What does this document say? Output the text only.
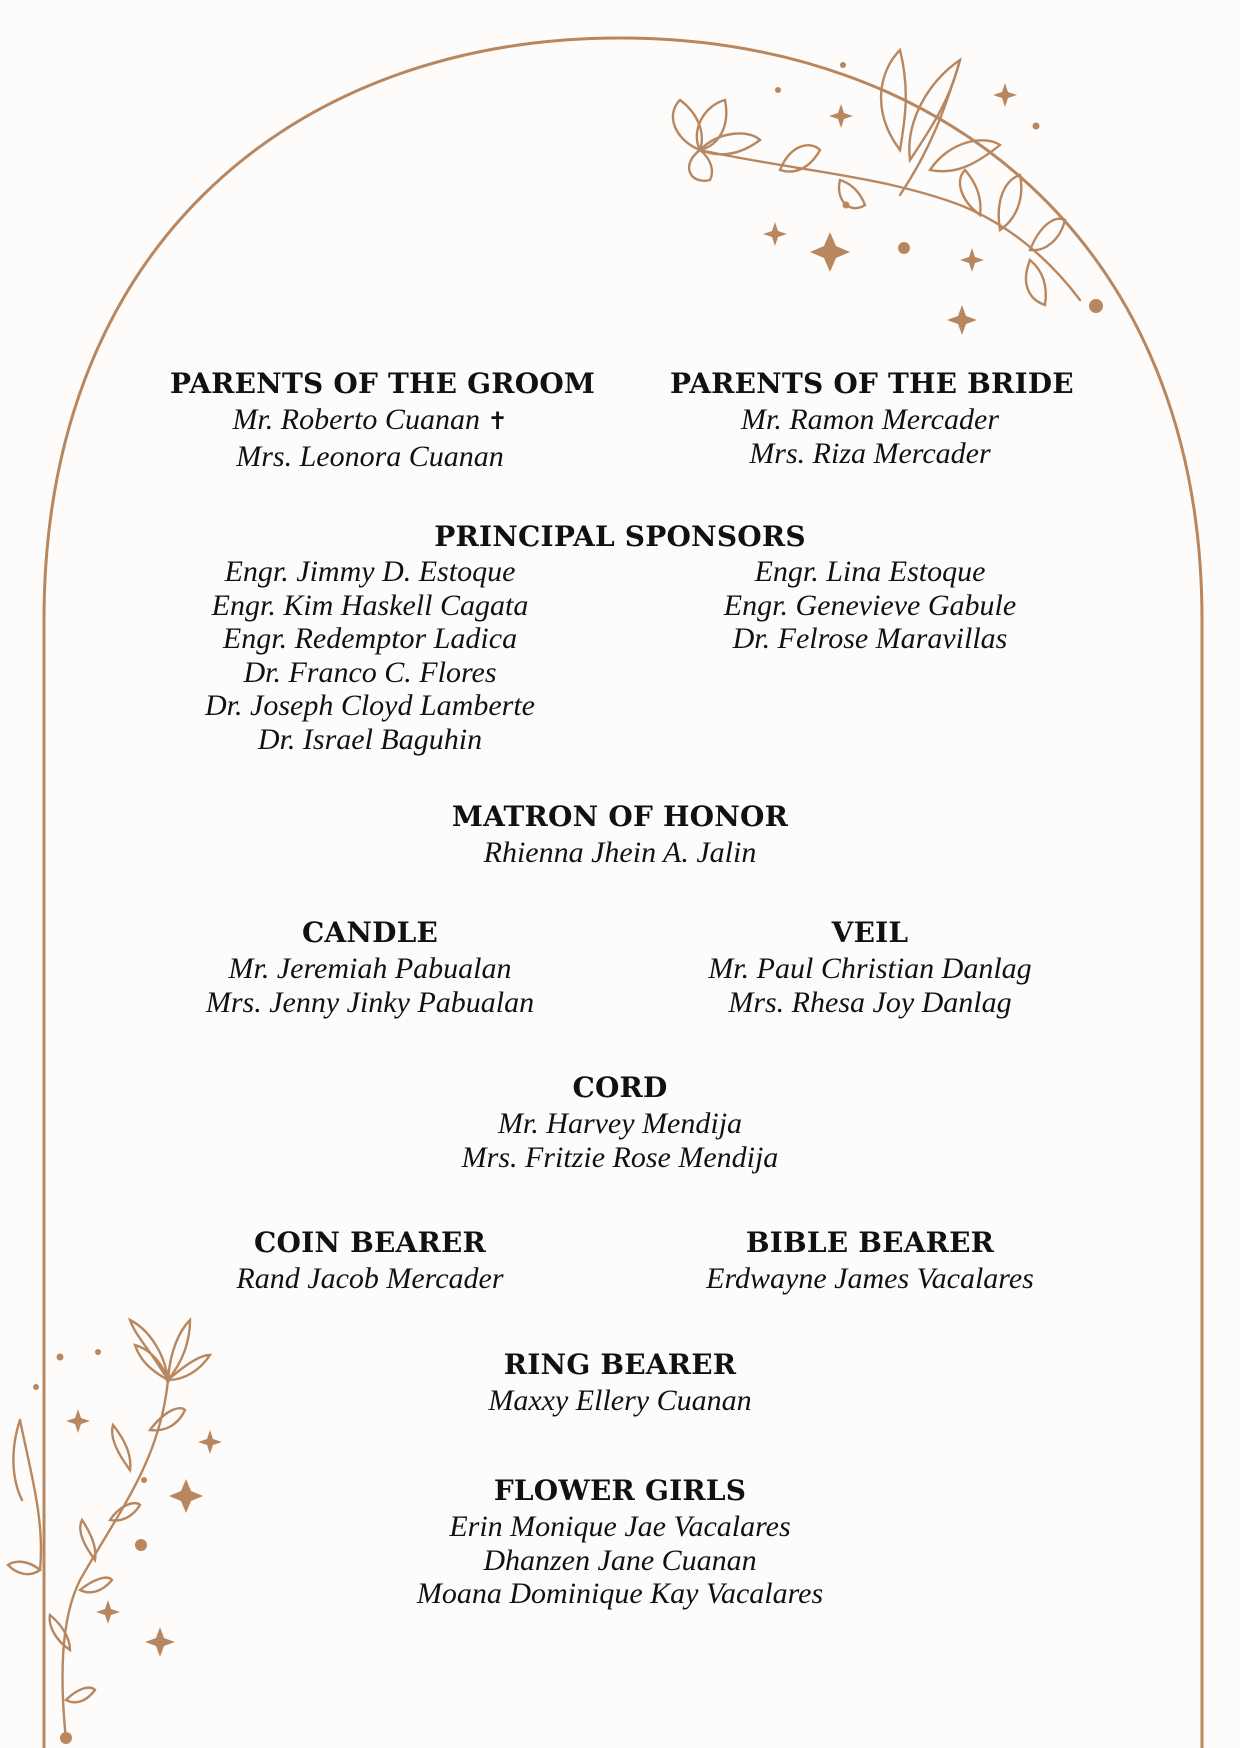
PARENTS OF THE GROOM
Mr. Roberto Cuanan ✝
Mrs. Leonora Cuanan
PARENTS OF THE BRIDE
Mr. Ramon Mercader
Mrs. Riza Mercader
PRINCIPAL SPONSORS
Engr. Jimmy D. Estoque
Engr. Kim Haskell Cagata
Engr. Redemptor Ladica
Dr. Franco C. Flores
Dr. Joseph Cloyd Lamberte
Dr. Israel Baguhin
Engr. Lina Estoque
Engr. Genevieve Gabule
Dr. Felrose Maravillas
MATRON OF HONOR
Rhienna Jhein A. Jalin
CANDLE
Mr. Jeremiah Pabualan
Mrs. Jenny Jinky Pabualan
VEIL
Mr. Paul Christian Danlag
Mrs. Rhesa Joy Danlag
CORD
Mr. Harvey Mendija
Mrs. Fritzie Rose Mendija
COIN BEARER
Rand Jacob Mercader
BIBLE BEARER
Erdwayne James Vacalares
RING BEARER
Maxxy Ellery Cuanan
FLOWER GIRLS
Erin Monique Jae Vacalares
Dhanzen Jane Cuanan
Moana Dominique Kay Vacalares
